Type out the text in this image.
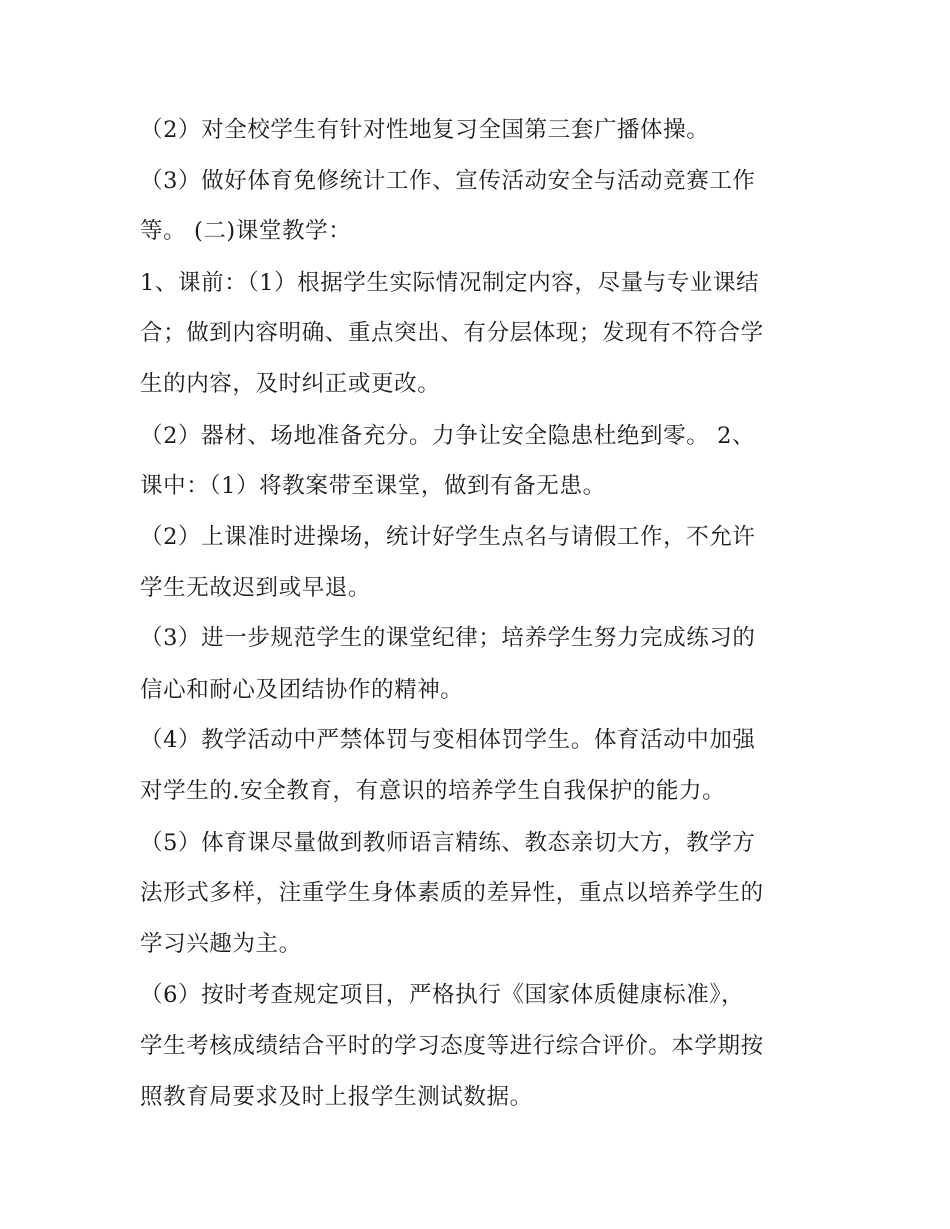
（2）对全校学生有针对性地复习全国第三套广播体操。
（3）做好体育免修统计工作、宣传活动安全与活动竞赛工作
等。 (二)课堂教学：
1、课前：（1）根据学生实际情况制定内容，尽量与专业课结
合；做到内容明确、重点突出、有分层体现；发现有不符合学
生的内容，及时纠正或更改。
（2）器材、场地准备充分。力争让安全隐患杜绝到零。 2、
课中：（1）将教案带至课堂，做到有备无患。
（2）上课准时进操场，统计好学生点名与请假工作，不允许
学生无故迟到或早退。
（3）进一步规范学生的课堂纪律；培养学生努力完成练习的
信心和耐心及团结协作的精神。
（4）教学活动中严禁体罚与变相体罚学生。体育活动中加强
对学生的.安全教育，有意识的培养学生自我保护的能力。
（5）体育课尽量做到教师语言精练、教态亲切大方，教学方
法形式多样，注重学生身体素质的差异性，重点以培养学生的
学习兴趣为主。
（6）按时考查规定项目，严格执行《国家体质健康标准》，
学生考核成绩结合平时的学习态度等进行综合评价。本学期按
照教育局要求及时上报学生测试数据。
